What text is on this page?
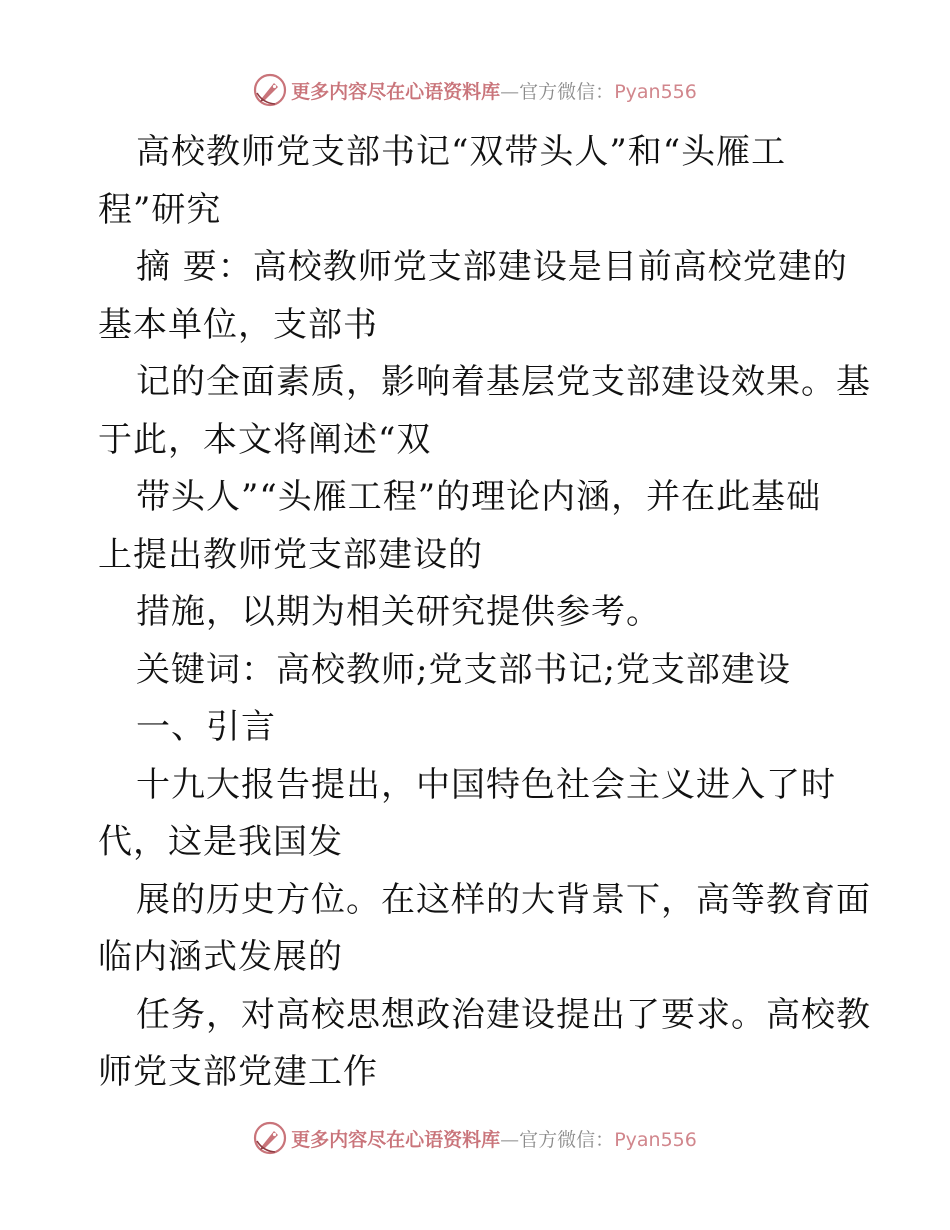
更多内容尽在心语资料库—官方微信：Pyan556
高校教师党支部书记“双带头人”和“头雁工
程”研究
摘 要：高校教师党支部建设是目前高校党建的
基本单位，支部书
记的全面素质，影响着基层党支部建设效果。基
于此，本文将阐述“双
带头人”“头雁工程”的理论内涵，并在此基础
上提出教师党支部建设的
措施，以期为相关研究提供参考。
关键词：高校教师;党支部书记;党支部建设
一、引言
十九大报告提出，中国特色社会主义进入了时
代，这是我国发
展的历史方位。在这样的大背景下，高等教育面
临内涵式发展的
任务，对高校思想政治建设提出了要求。高校教
师党支部党建工作
更多内容尽在心语资料库—官方微信：Pyan556
